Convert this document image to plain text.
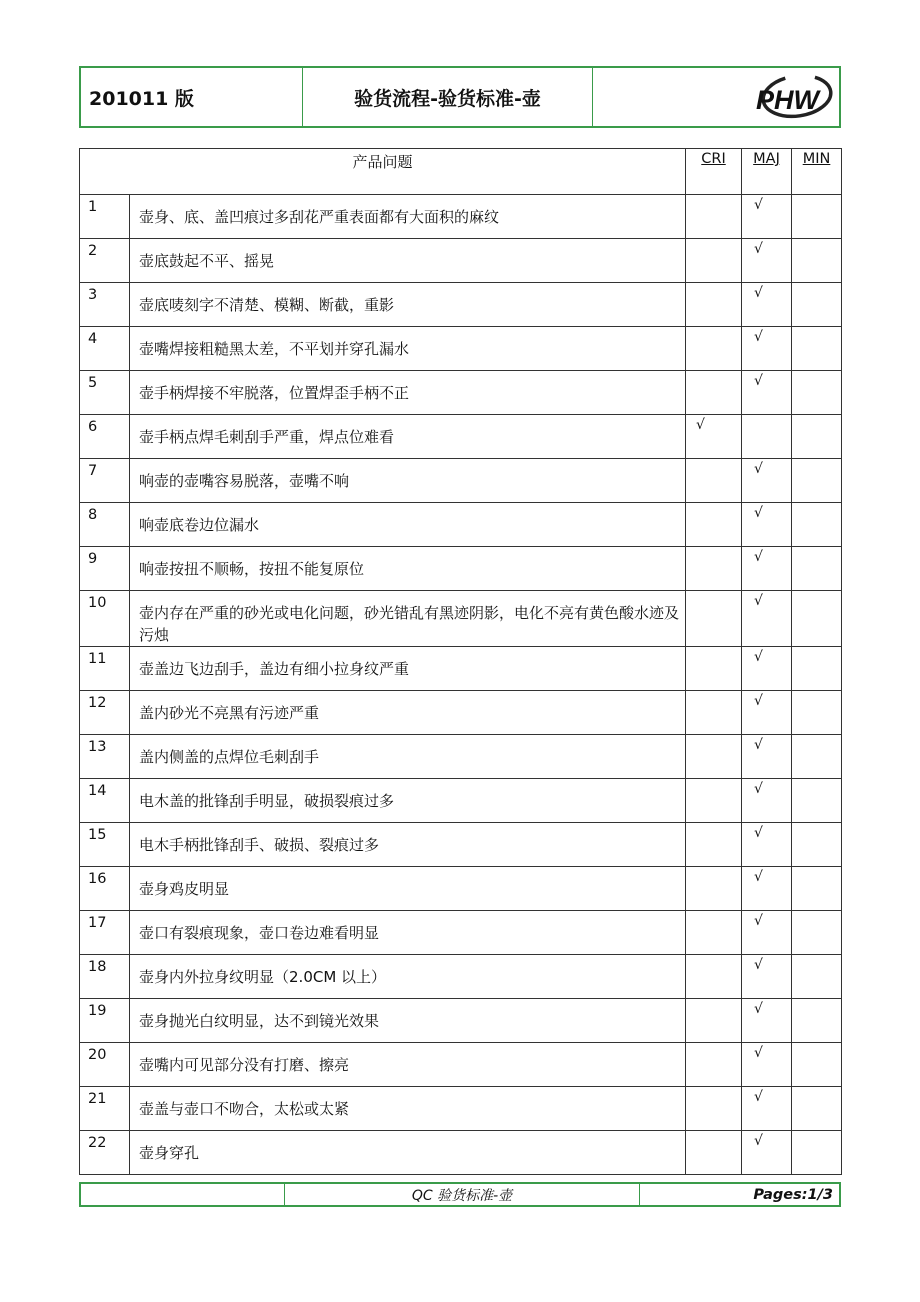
201011 版	验货流程-验货标准-壶	PHW
产品问题		CRI	MAJ	MIN
1	壶身、底、盖凹痕过多刮花严重表面都有大面积的麻纹		√	

2	壶底鼓起不平、摇晃		√	

3	壶底唛刻字不清楚、模糊、断截，重影		√	

4	壶嘴焊接粗糙黑太差，不平划并穿孔漏水		√	

5	壶手柄焊接不牢脱落，位置焊歪手柄不正		√	

6	壶手柄点焊毛刺刮手严重，焊点位难看	√		

7	响壶的壶嘴容易脱落，壶嘴不响		√	

8	响壶底卷边位漏水		√	

9	响壶按扭不顺畅，按扭不能复原位		√	

10	壶内存在严重的砂光或电化问题，砂光错乱有黑迹阴影，电化不亮有黄色酸水迹及污烛		√	

11	壶盖边飞边刮手，盖边有细小拉身纹严重		√	

12	盖内砂光不亮黑有污迹严重		√	

13	盖内侧盖的点焊位毛刺刮手		√	

14	电木盖的批锋刮手明显，破损裂痕过多		√	

15	电木手柄批锋刮手、破损、裂痕过多		√	

16	壶身鸡皮明显		√	

17	壶口有裂痕现象，壶口卷边难看明显		√	

18	壶身内外拉身纹明显（2.0CM 以上）		√	

19	壶身抛光白纹明显，达不到镜光效果		√	

20	壶嘴内可见部分没有打磨、擦亮		√	

21	壶盖与壶口不吻合，太松或太紧		√	

22	壶身穿孔		√	

QC 验货标准-壶	Pages:1/3
